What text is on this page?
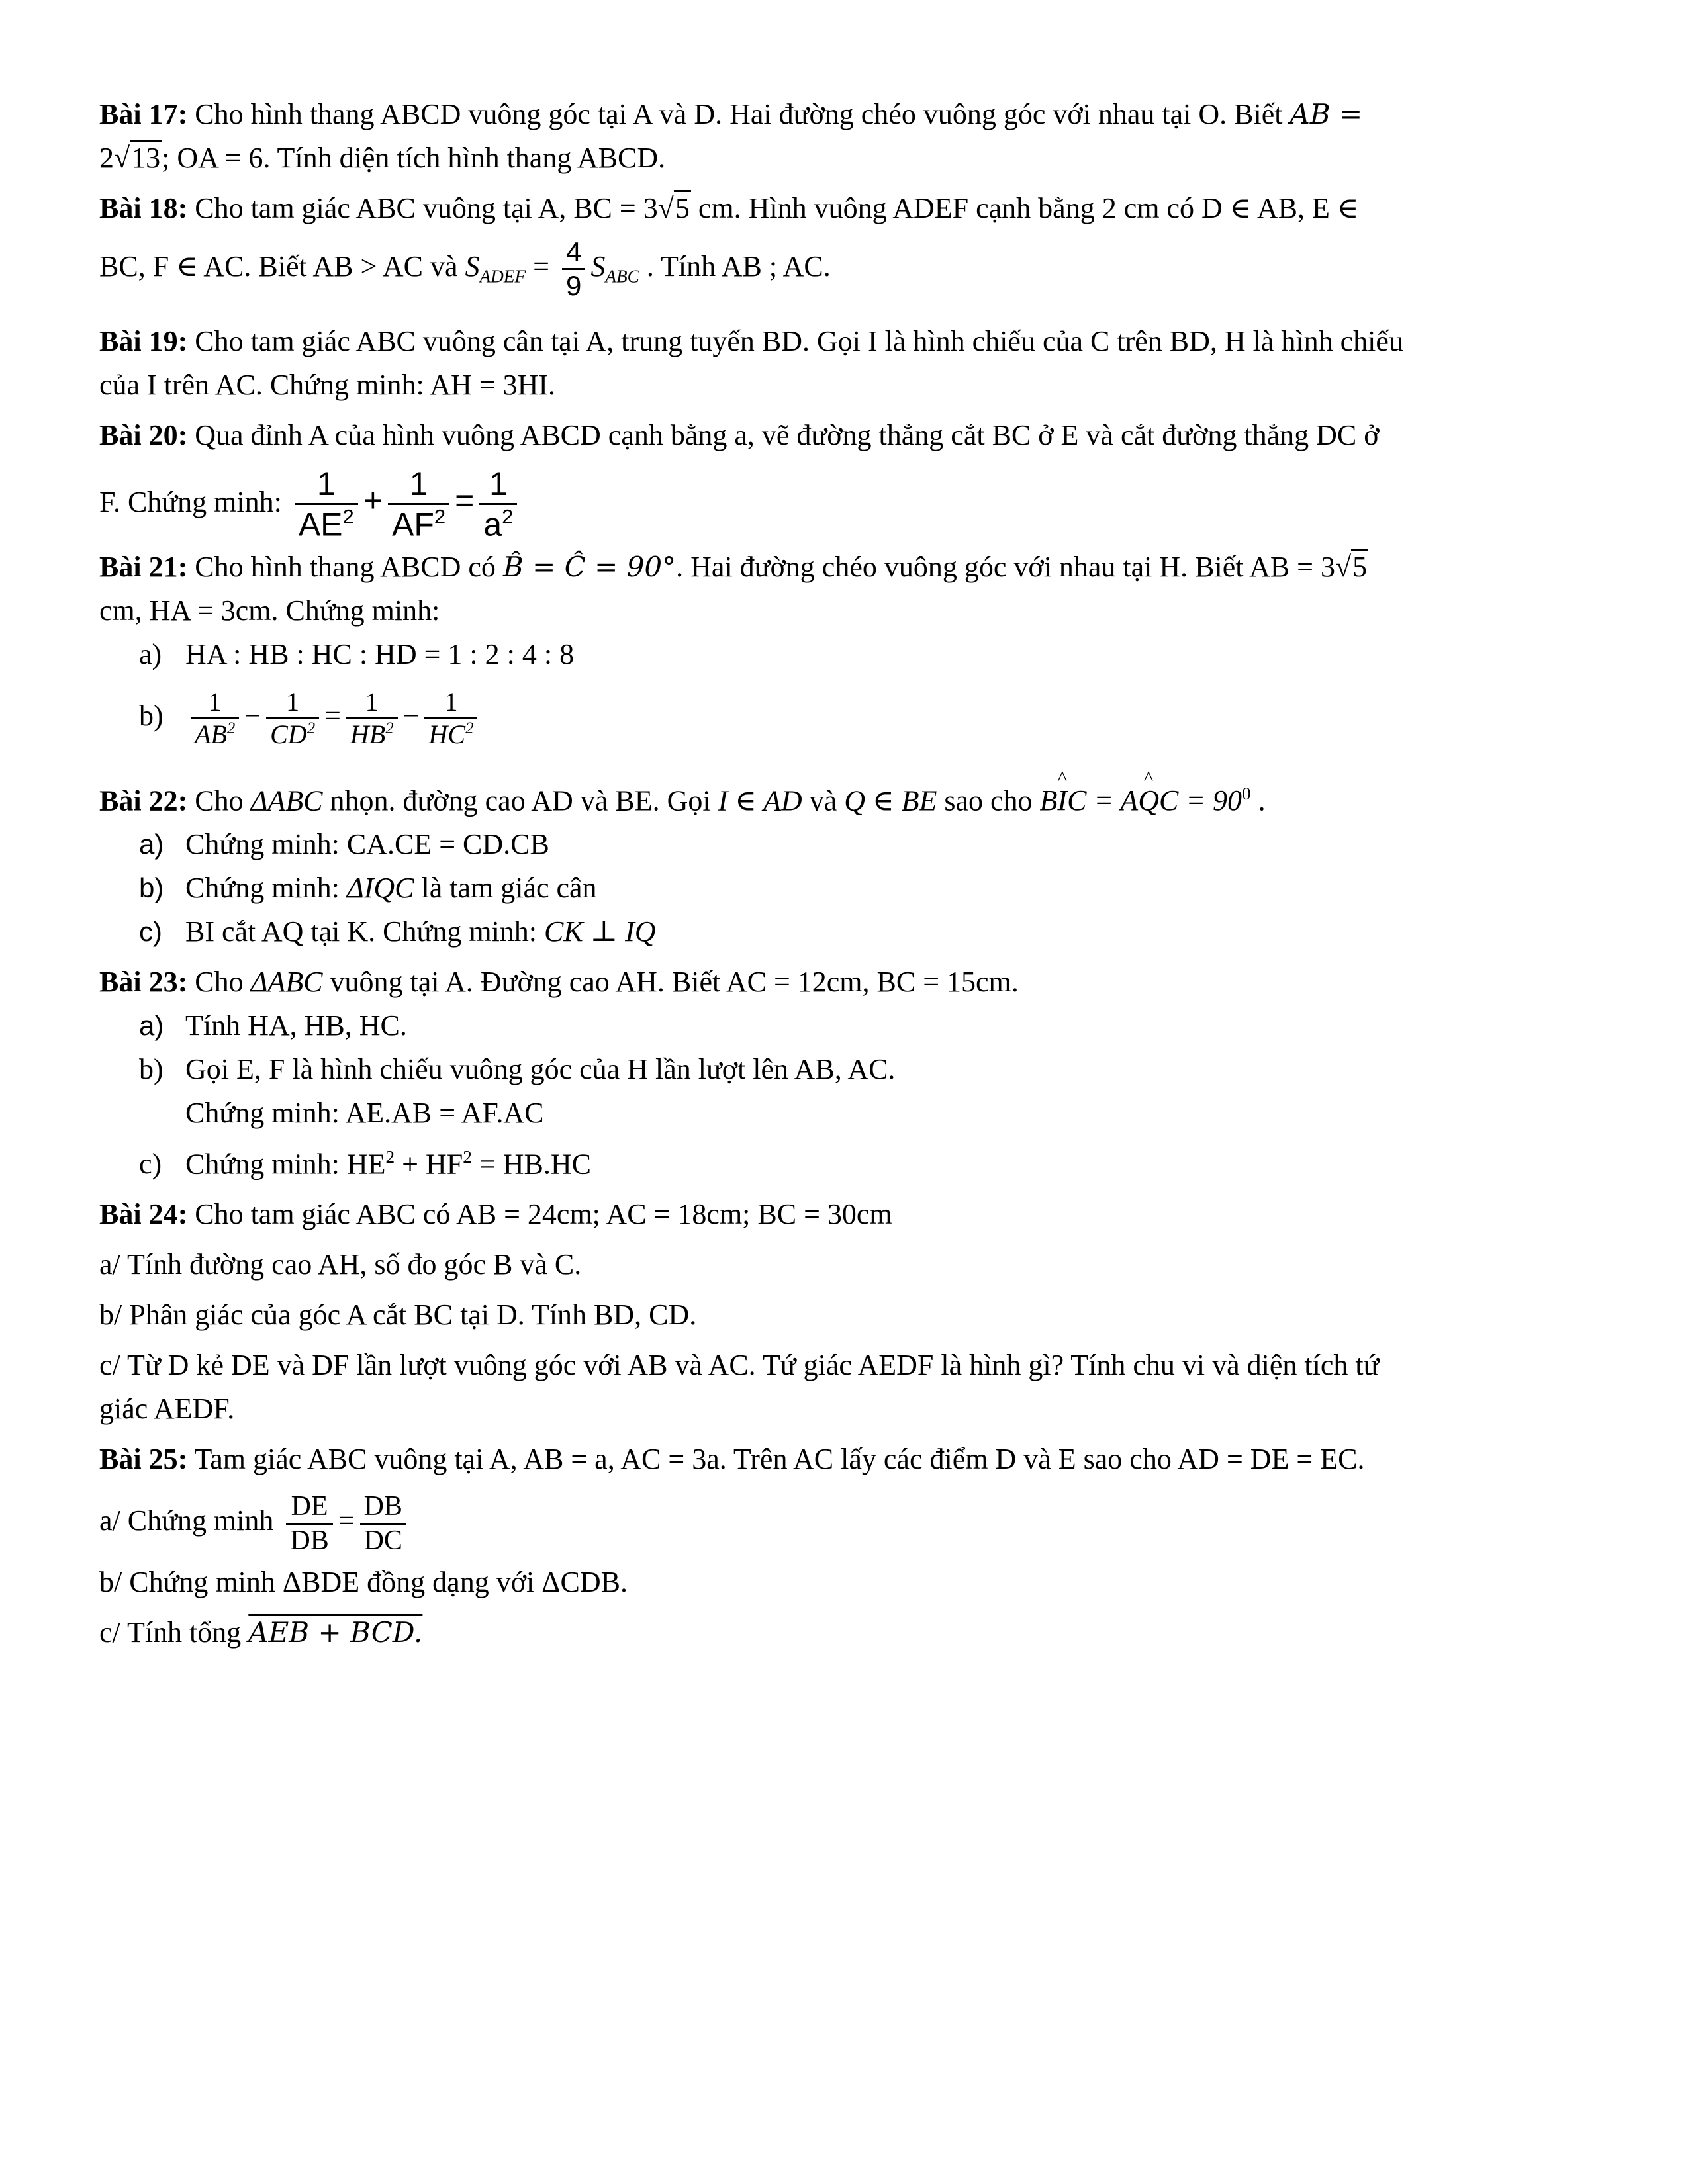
Bài 17: Cho hình thang ABCD vuông góc tại A và D. Hai đường chéo vuông góc với nhau tại O. Biết AB =

2√13; OA = 6. Tính diện tích hình thang ABCD.

Bài 18: Cho tam giác ABC vuông tại A, BC = 3√5 cm. Hình vuông ADEF cạnh bằng 2 cm có D ∈ AB, E ∈

BC, F ∈ AC. Biết AB > AC và $S_{ADEF} = \frac{4}{9} S_{ABC}$ . Tính AB ; AC.

Bài 19: Cho tam giác ABC vuông cân tại A, trung tuyến BD. Gọi I là hình chiếu của C trên BD, H là hình chiếu

của I trên AC. Chứng minh: AH = 3HI.

Bài 20: Qua đỉnh A của hình vuông ABCD cạnh bằng a, vẽ đường thẳng cắt BC ở E và cắt đường thẳng DC ở

F. Chứng minh: $\frac{1}{AE^2} + \frac{1}{AF^2} = \frac{1}{a^2}$

Bài 21: Cho hình thang ABCD có B̂ = Ĉ = 90°. Hai đường chéo vuông góc với nhau tại H. Biết AB = 3√5

cm, HA = 3cm. Chứng minh:

a) HA : HB : HC : HD = 1 : 2 : 4 : 8
$b) \frac{1}{AB^2} - \frac{1}{CD^2} = \frac{1}{HB^2} - \frac{1}{HC^2}$

Bài 22: Cho ΔABC nhọn. đường cao AD và BE. Gọi I ∈ AD và Q ∈ BE sao cho B^ IC = A^ QC = $90^0$ .

a) Chứng minh: CA.CE = CD.CB
b) Chứng minh: ΔIQC là tam giác cân
c) BI cắt AQ tại K. Chứng minh: CK ⊥ IQ

Bài 23: Cho ΔABC vuông tại A. Đường cao AH. Biết AC = 12cm, BC = 15cm.

a) Tính HA, HB, HC.
b) Gọi E, F là hình chiếu vuông góc của H lần lượt lên AB, AC.
Chứng minh: AE.AB = AF.AC
c) Chứng minh: $HE^2 + HF^2 = HB.HC$

Bài 24: Cho tam giác ABC có AB = 24cm; AC = 18cm; BC = 30cm

a/ Tính đường cao AH, số đo góc B và C.

b/ Phân giác của góc A cắt BC tại D. Tính BD, CD.

c/ Từ D kẻ DE và DF lần lượt vuông góc với AB và AC. Tứ giác AEDF là hình gì? Tính chu vi và diện tích tứ

giác AEDF.

Bài 25: Tam giác ABC vuông tại A, AB = a, AC = 3a. Trên AC lấy các điểm D và E sao cho AD = DE = EC.

a/ Chứng minh $\frac{DE}{DB} = \frac{DB}{DC}$

b/ Chứng minh ΔBDE đồng dạng với ΔCDB.

c/ Tính tổng AEB + BCD.
